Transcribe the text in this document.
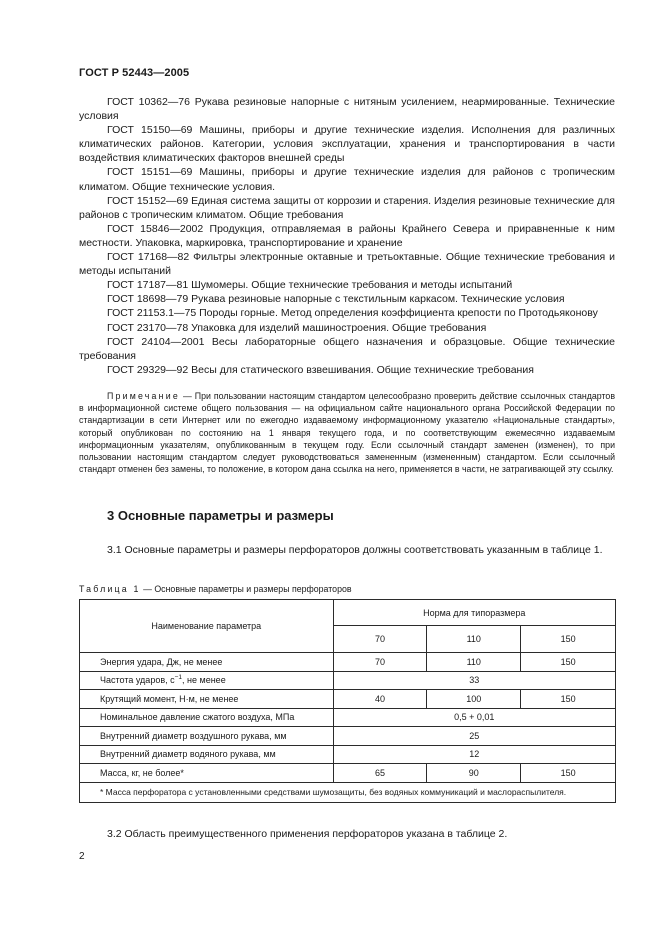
ГОСТ Р 52443—2005

ГОСТ 10362—76 Рукава резиновые напорные с нитяным усилением, неармированные. Технические условия

ГОСТ 15150—69 Машины, приборы и другие технические изделия. Исполнения для различных климатических районов. Категории, условия эксплуатации, хранения и транспортирования в части воздействия климатических факторов внешней среды

ГОСТ 15151—69 Машины, приборы и другие технические изделия для районов с тропическим климатом. Общие технические условия.

ГОСТ 15152—69 Единая система защиты от коррозии и старения. Изделия резиновые технические для районов с тропическим климатом. Общие требования

ГОСТ 15846—2002 Продукция, отправляемая в районы Крайнего Севера и приравненные к ним местности. Упаковка, маркировка, транспортирование и хранение

ГОСТ 17168—82 Фильтры электронные октавные и третьоктавные. Общие технические требования и методы испытаний

ГОСТ 17187—81 Шумомеры. Общие технические требования и методы испытаний

ГОСТ 18698—79 Рукава резиновые напорные с текстильным каркасом. Технические условия

ГОСТ 21153.1—75 Породы горные. Метод определения коэффициента крепости по Протодьяконову

ГОСТ 23170—78 Упаковка для изделий машиностроения. Общие требования

ГОСТ 24104—2001 Весы лабораторные общего назначения и образцовые. Общие технические требования

ГОСТ 29329—92 Весы для статического взвешивания. Общие технические требования

Примечание — При пользовании настоящим стандартом целесообразно проверить действие ссылочных стандартов в информационной системе общего пользования — на официальном сайте национального органа Российской Федерации по стандартизации в сети Интернет или по ежегодно издаваемому информационному указателю «Национальные стандарты», который опубликован по состоянию на 1 января текущего года, и по соответствующим ежемесячно издаваемым информационным указателям, опубликованным в текущем году. Если ссылочный стандарт заменен (изменен), то при пользовании настоящим стандартом следует руководствоваться замененным (измененным) стандартом. Если ссылочный стандарт отменен без замены, то положение, в котором дана ссылка на него, применяется в части, не затрагивающей эту ссылку.

3 Основные параметры и размеры

3.1 Основные параметры и размеры перфораторов должны соответствовать указанным в таблице 1.

Таблица 1 — Основные параметры и размеры перфораторов
Наименование параметра	Норма для типоразмера		
	70	110	150
Энергия удара, Дж, не менее	70	110	150
Частота ударов, $с^{-1}$, не менее	33		
Крутящий момент, Н·м, не менее	40	100	150
Номинальное давление сжатого воздуха, МПа	0,5 + 0,01		
Внутренний диаметр воздушного рукава, мм	25		
Внутренний диаметр водяного рукава, мм	12		
Масса, кг, не более*	65	90	150
* Масса перфоратора с установленными средствами шумозащиты, без водяных коммуникаций и маслораспылителя.			

3.2 Область преимущественного применения перфораторов указана в таблице 2.

2
